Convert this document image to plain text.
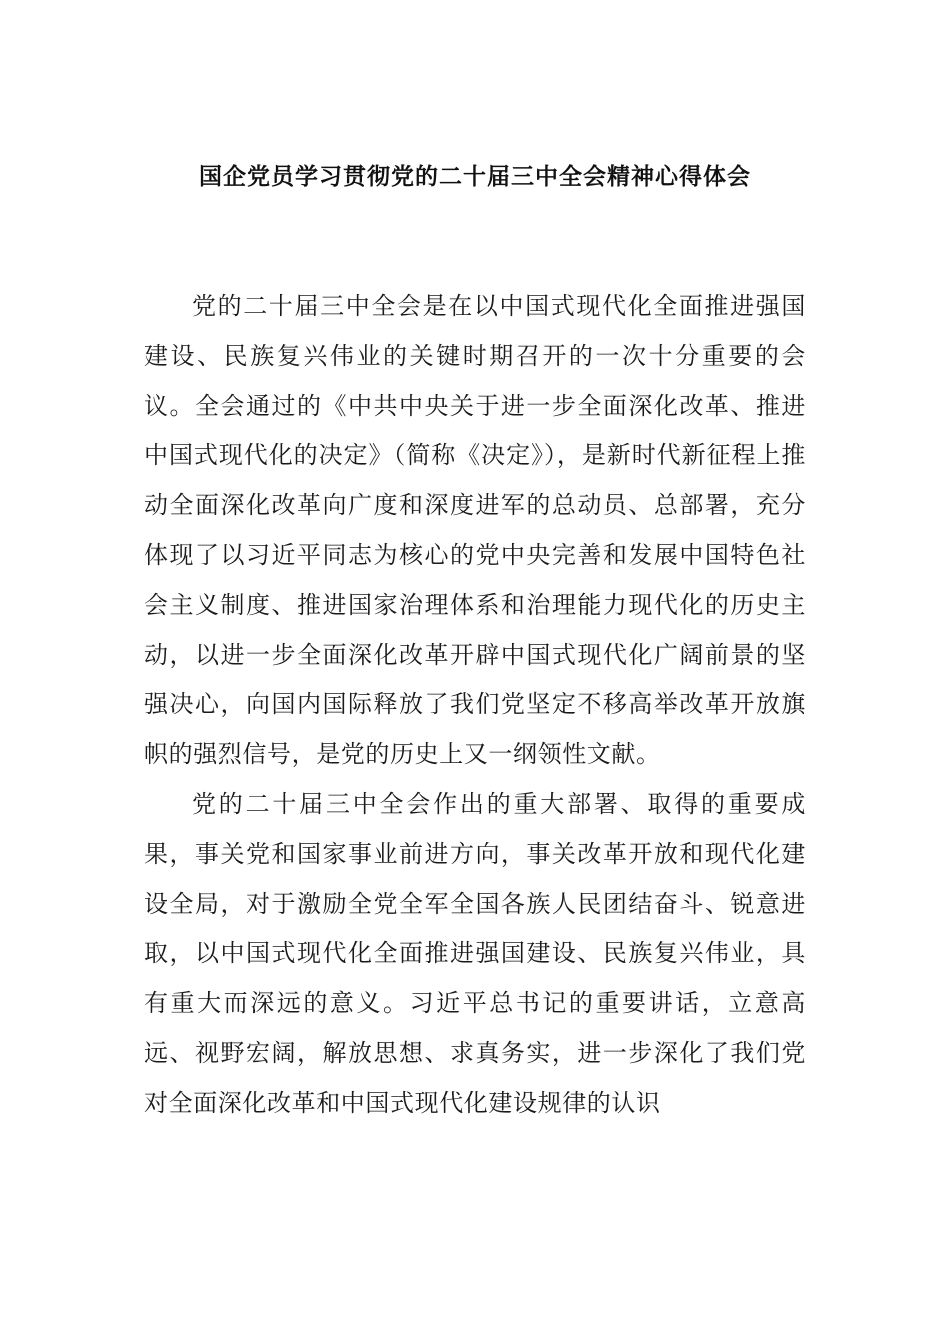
国企党员学习贯彻党的二十届三中全会精神心得体会

党的二十届三中全会是在以中国式现代化全面推进强国建设、民族复兴伟业的关键时期召开的一次十分重要的会议。全会通过的《中共中央关于进一步全面深化改革、推进中国式现代化的决定》（简称《决定》），是新时代新征程上推动全面深化改革向广度和深度进军的总动员、总部署，充分体现了以习近平同志为核心的党中央完善和发展中国特色社会主义制度、推进国家治理体系和治理能力现代化的历史主动，以进一步全面深化改革开辟中国式现代化广阔前景的坚强决心，向国内国际释放了我们党坚定不移高举改革开放旗帜的强烈信号，是党的历史上又一纲领性文献。

党的二十届三中全会作出的重大部署、取得的重要成果，事关党和国家事业前进方向，事关改革开放和现代化建设全局，对于激励全党全军全国各族人民团结奋斗、锐意进取，以中国式现代化全面推进强国建设、民族复兴伟业，具有重大而深远的意义。习近平总书记的重要讲话，立意高远、视野宏阔，解放思想、求真务实，进一步深化了我们党对全面深化改革和中国式现代化建设规律的认识
